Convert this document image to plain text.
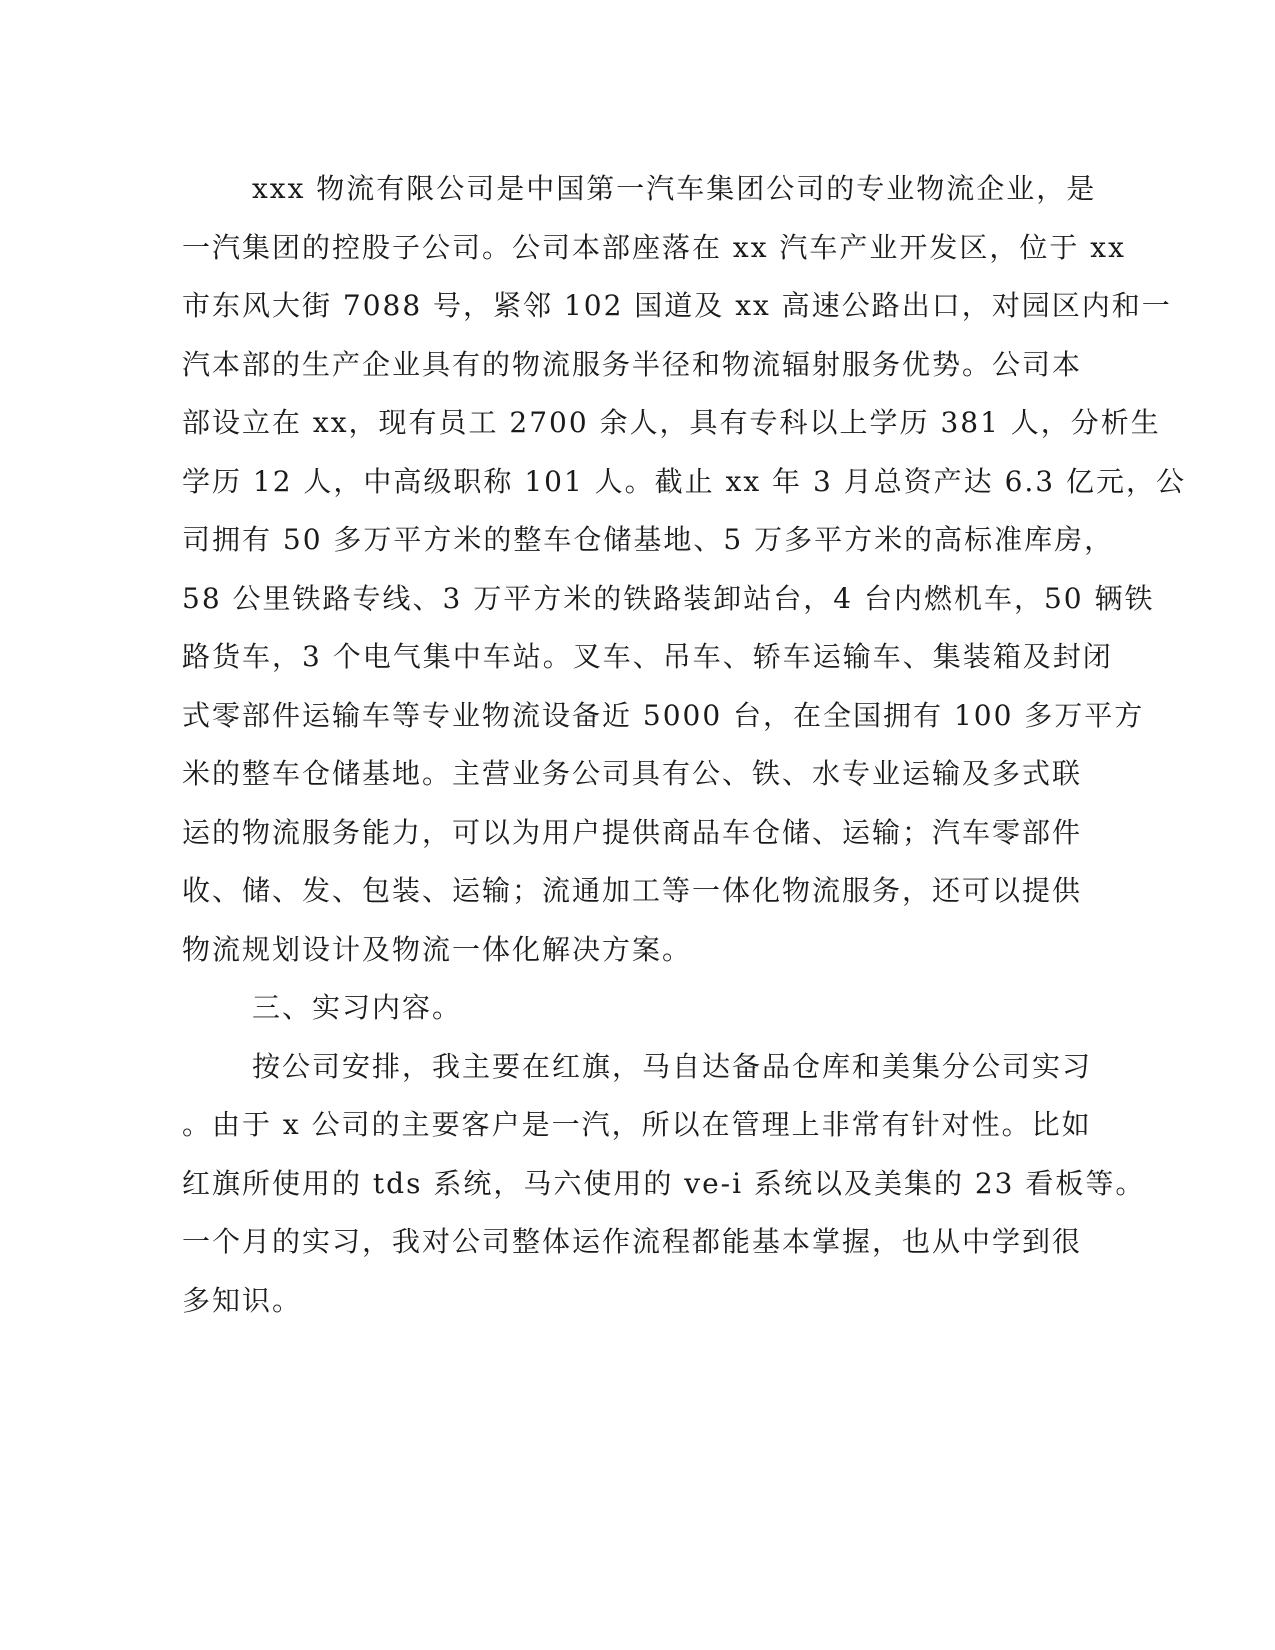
xxx 物流有限公司是中国第一汽车集团公司的专业物流企业，是
一汽集团的控股子公司。公司本部座落在 xx 汽车产业开发区，位于 xx
市东风大街 7088 号，紧邻 102 国道及 xx 高速公路出口，对园区内和一
汽本部的生产企业具有的物流服务半径和物流辐射服务优势。公司本
部设立在 xx，现有员工 2700 余人，具有专科以上学历 381 人，分析生
学历 12 人，中高级职称 101 人。截止 xx 年 3 月总资产达 6.3 亿元，公
司拥有 50 多万平方米的整车仓储基地、5 万多平方米的高标准库房，
58 公里铁路专线、3 万平方米的铁路装卸站台，4 台内燃机车，50 辆铁
路货车，3 个电气集中车站。叉车、吊车、轿车运输车、集装箱及封闭
式零部件运输车等专业物流设备近 5000 台，在全国拥有 100 多万平方
米的整车仓储基地。主营业务公司具有公、铁、水专业运输及多式联
运的物流服务能力，可以为用户提供商品车仓储、运输；汽车零部件
收、储、发、包装、运输；流通加工等一体化物流服务，还可以提供
物流规划设计及物流一体化解决方案。
三、实习内容。
按公司安排，我主要在红旗，马自达备品仓库和美集分公司实习
。由于 x 公司的主要客户是一汽，所以在管理上非常有针对性。比如
红旗所使用的 tds 系统，马六使用的 ve-i 系统以及美集的 23 看板等。
一个月的实习，我对公司整体运作流程都能基本掌握，也从中学到很
多知识。
